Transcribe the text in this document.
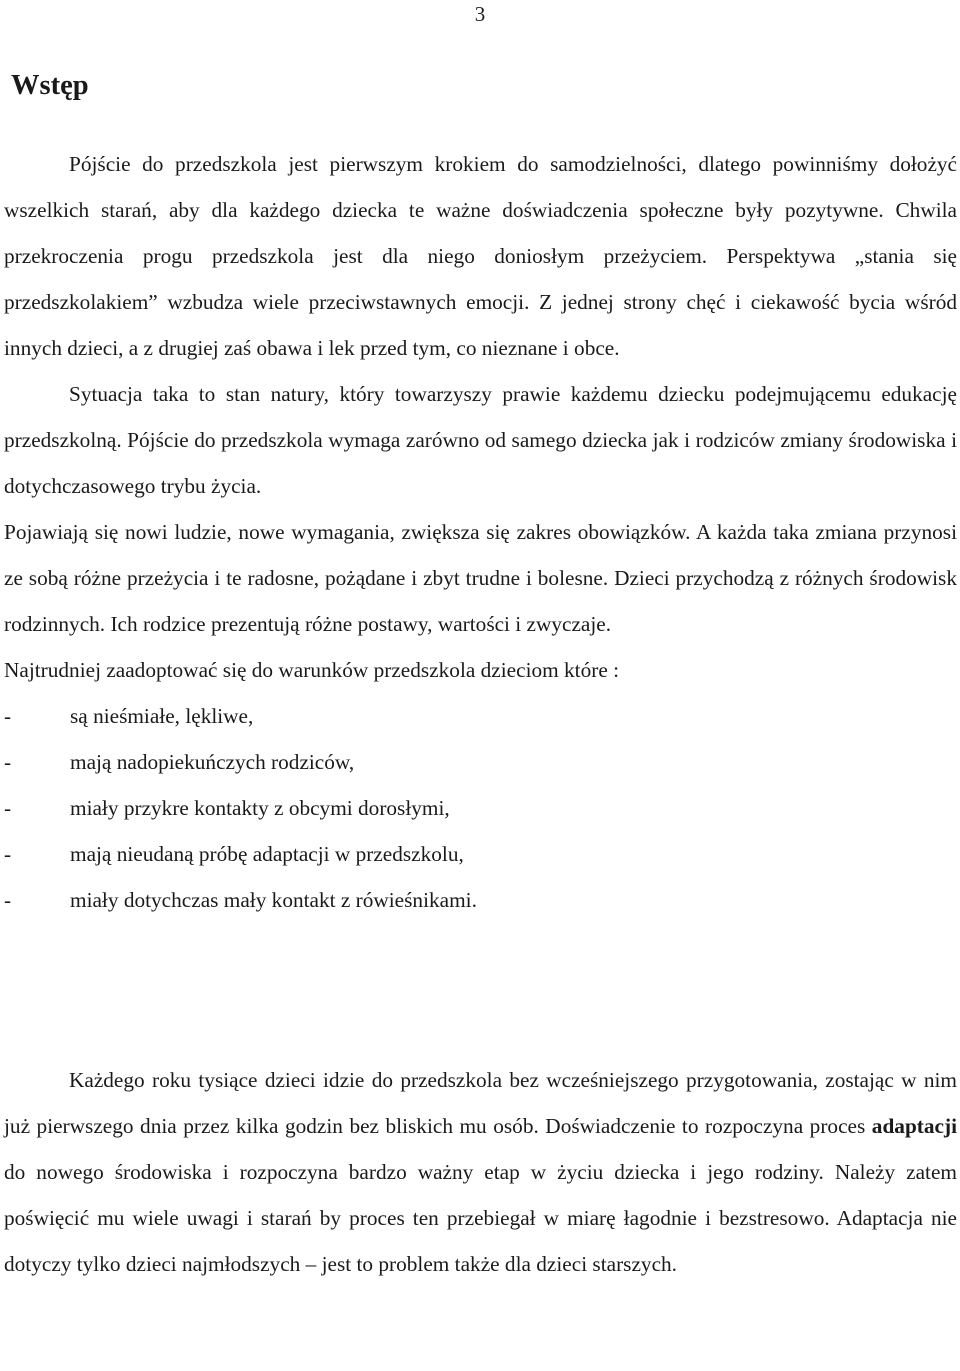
3
Wstęp

Pójście do przedszkola jest pierwszym krokiem do samodzielności, dlatego powinniśmy dołożyć wszelkich starań, aby dla każdego dziecka te ważne doświadczenia społeczne były pozytywne. Chwila przekroczenia progu przedszkola jest dla niego doniosłym przeżyciem. Perspektywa „stania się przedszkolakiem” wzbudza wiele przeciwstawnych emocji. Z jednej strony chęć i ciekawość bycia wśród innych dzieci, a z drugiej zaś obawa i lek przed tym, co nieznane i obce.

Sytuacja taka to stan natury, który towarzyszy prawie każdemu dziecku podejmującemu edukację przedszkolną. Pójście do przedszkola wymaga zarówno od samego dziecka jak i rodziców zmiany środowiska i dotychczasowego trybu życia.

Pojawiają się nowi ludzie, nowe wymagania, zwiększa się zakres obowiązków. A każda taka zmiana przynosi ze sobą różne przeżycia i te radosne, pożądane i zbyt trudne i bolesne. Dzieci przychodzą z różnych środowisk rodzinnych. Ich rodzice prezentują różne postawy, wartości i zwyczaje.

Najtrudniej zaadoptować się do warunków przedszkola dzieciom które :

-	są nieśmiałe, lękliwe,
-	mają nadopiekuńczych rodziców,
-	miały przykre kontakty z obcymi dorosłymi,
-	mają nieudaną próbę adaptacji w przedszkolu,
-	miały dotychczas mały kontakt z rówieśnikami.

Każdego roku tysiące dzieci idzie do przedszkola bez wcześniejszego przygotowania, zostając w nim już pierwszego dnia przez kilka godzin bez bliskich mu osób. Doświadczenie to rozpoczyna proces adaptacji do nowego środowiska i rozpoczyna bardzo ważny etap w życiu dziecka i jego rodziny. Należy zatem poświęcić mu wiele uwagi i starań by proces ten przebiegał w miarę łagodnie i bezstresowo. Adaptacja nie dotyczy tylko dzieci najmłodszych – jest to problem także dla dzieci starszych.
